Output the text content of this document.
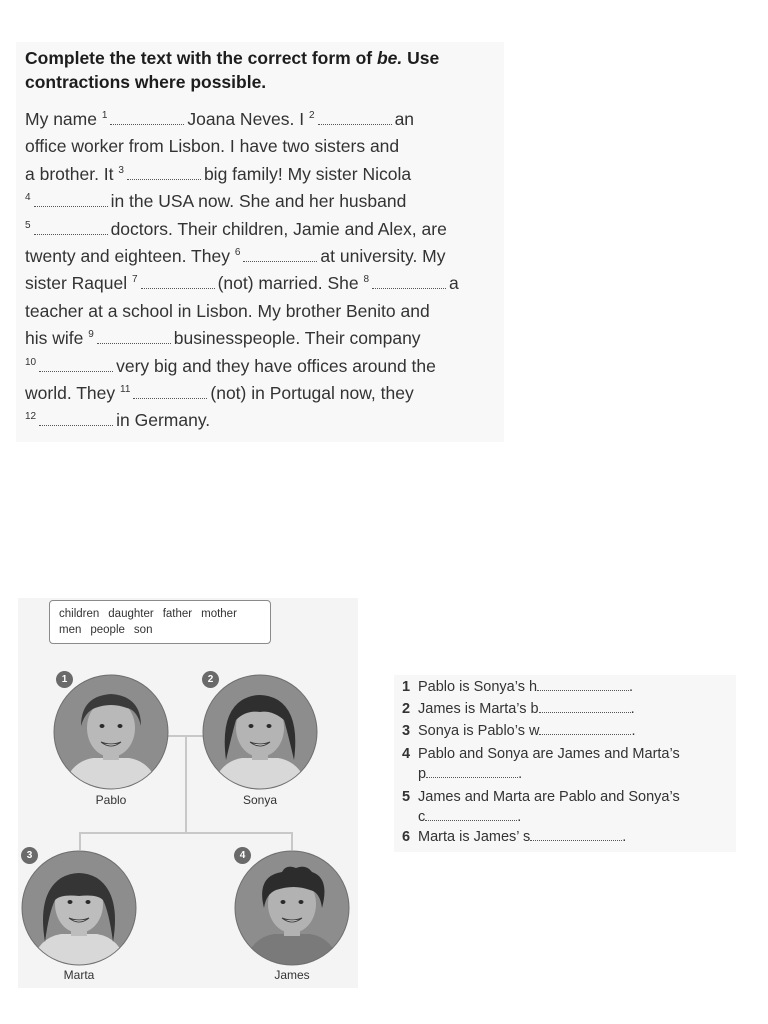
Complete the text with the correct form of be. Use contractions where possible.
My name $^1$	Joana Neves. I $^2$	an
office worker from Lisbon. I have two sisters and
a brother. It $^3$	big family! My sister Nicola
$^4$	in the USA now. She and her husband
$^5$	doctors. Their children, Jamie and Alex, are
twenty and eighteen. They $^6$	at university. My
sister Raquel $^7$	(not) married. She $^8$	a
teacher at a school in Lisbon. My brother Benito and
his wife $^9$	businesspeople. Their company
$^{10}$	very big and they have offices around the
world. They $^{11}$	(not) in Portugal now, they
$^{12}$	in Germany.
children daughter father mother
men people son
1
Pablo
2
Sonya
3
Marta
4
James
1 Pablo is Sonya’s h	.
2 James is Marta’s b	.
3 Sonya is Pablo’s w	.
4 Pablo and Sonya are James and Marta’s
p	.
5 James and Marta are Pablo and Sonya’s
c	.
6 Marta is James’ s	.
